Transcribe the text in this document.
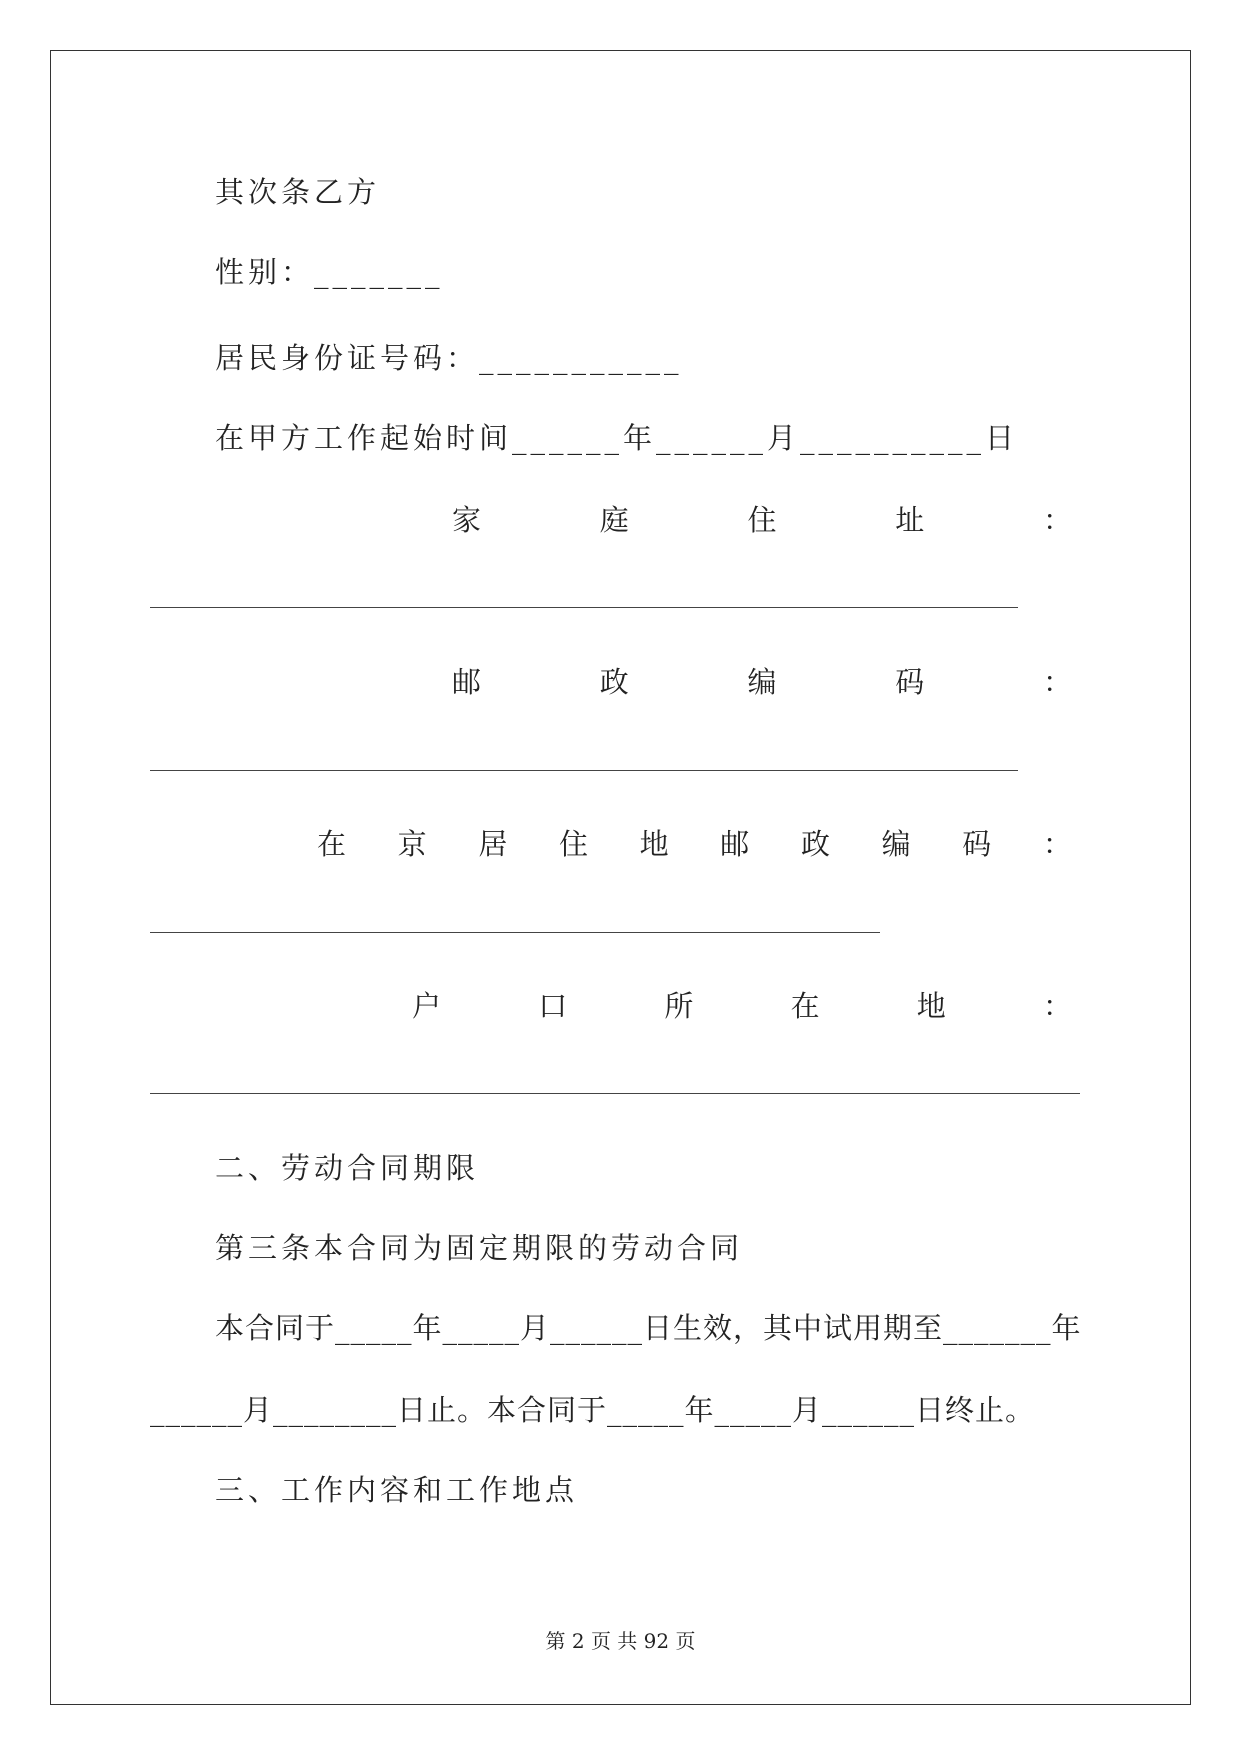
其次条乙方
性别：_______
居民身份证号码：___________
在甲方工作起始时间______年______月__________日
家	庭	住	址	：
邮	政	编	码	：
在 京 居 住 地 邮 政 编 码 ：
户	口	所	在	地	：
二、劳动合同期限
第三条本合同为固定期限的劳动合同
本合同于_____年_____月______日生效，其中试用期至_______年
______月________日止。本合同于_____年_____月______日终止。
三、工作内容和工作地点
第 2 页 共 92 页
